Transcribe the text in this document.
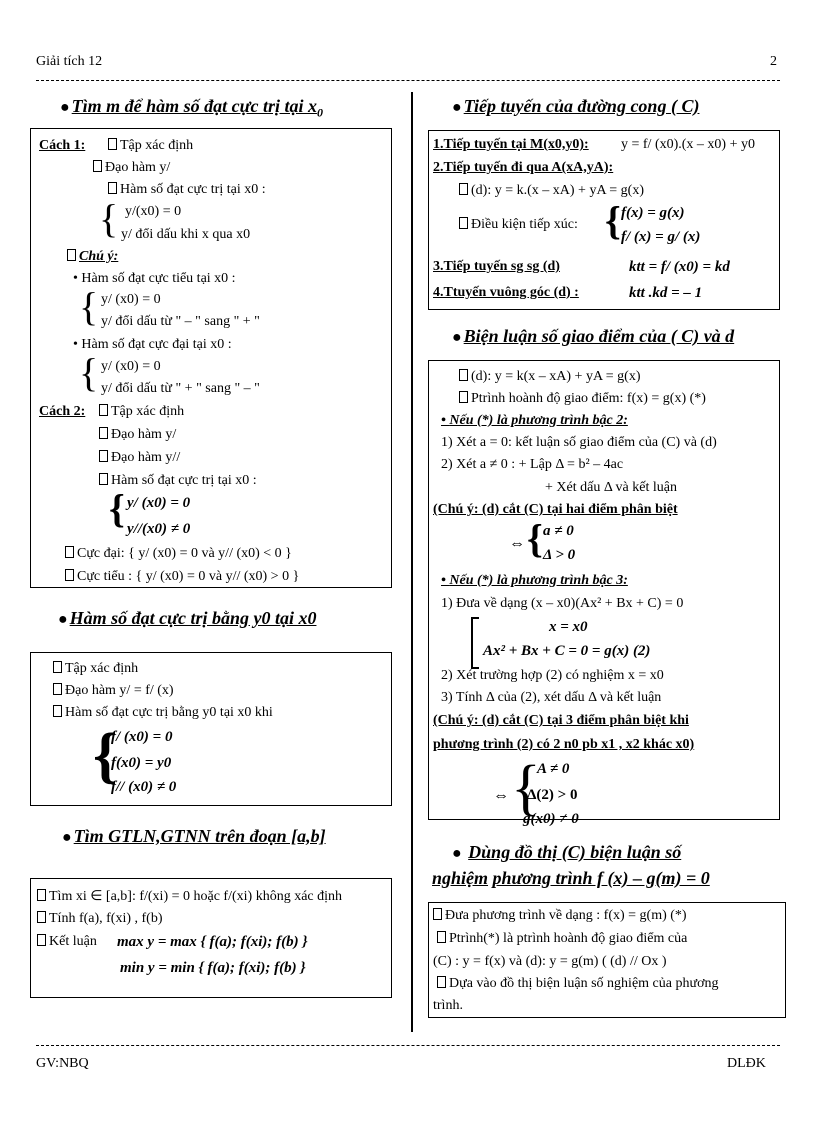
Giải tích 12	2
GV:NBQ	DLĐK
● Tìm m để hàm số đạt cực trị tại $x_0$
Cách 1:	Tập xác định
Đạo hàm y/
Hàm số đạt cực trị tại x0 :
{ y/(x0) = 0
y/ đổi dấu khi x qua x0
Chú ý:
• Hàm số đạt cực tiểu tại x0 :
{ y/ (x0) = 0
y/ đổi dấu từ " – " sang " + "
• Hàm số đạt cực đại tại x0 :
{ y/ (x0) = 0
y/ đổi dấu từ " + " sang " – "
Cách 2:	Tập xác định
Đạo hàm y/
Đạo hàm y//
Hàm số đạt cực trị tại x0 :
{ y/ (x0) = 0
y//(x0) ≠ 0
Cực đại: { y/ (x0) = 0 và y// (x0) < 0 }
Cực tiểu : { y/ (x0) = 0 và y// (x0) > 0 }
● Hàm số đạt cực trị bằng y0 tại x0
Tập xác định
Đạo hàm y/ = f/ (x)
Hàm số đạt cực trị bằng y0 tại x0 khi
{
f/ (x0) = 0
f(x0) = y0
f// (x0) ≠ 0
● Tìm GTLN,GTNN trên đoạn [a,b]
Tìm xi ∈ [a,b]: f/(xi) = 0 hoặc f/(xi) không xác định
Tính f(a), f(xi) , f(b)
Kết luận max y = max { f(a); f(xi); f(b) }
min y = min { f(a); f(xi); f(b) }
● Tiếp tuyến của đường cong ( C)
1.Tiếp tuyến tại M(x0,y0): y = f/ (x0).(x – x0) + y0
2.Tiếp tuyến đi qua A(xA,yA):
(d): y = k.(x – xA) + yA = g(x)
Điều kiện tiếp xúc: { f(x) = g(x)
f/ (x) = g/ (x)
3.Tiếp tuyến sg sg (d)	ktt = f/ (x0) = kd
4.Ttuyến vuông góc (d) :	ktt .kd = – 1
● Biện luận số giao điểm của ( C) và d
(d): y = k(x – xA) + yA = g(x)
Ptrình hoành độ giao điểm: f(x) = g(x) (*)
• Nếu (*) là phương trình bậc 2:
1) Xét a = 0: kết luận số giao điểm của (C) và (d)
2) Xét a ≠ 0 : + Lập Δ = b² – 4ac
+ Xét dấu Δ và kết luận
(Chú ý: (d) cắt (C) tại hai điểm phân biệt
⇔ { a ≠ 0
Δ > 0
• Nếu (*) là phương trình bậc 3:
1) Đưa về dạng (x – x0)(Ax² + Bx + C) = 0
x = x0
Ax² + Bx + C = 0 = g(x) (2)
2) Xét trường hợp (2) có nghiệm x = x0
3) Tính Δ của (2), xét dấu Δ và kết luận
(Chú ý: (d) cắt (C) tại 3 điểm phân biệt khi
phương trình (2) có 2 n0 pb x1 , x2 khác x0)
⇔ {
A ≠ 0
Δ(2) > 0
g(x0) ≠ 0
● Dùng đồ thị (C) biện luận số
nghiệm phương trình f (x) – g(m) = 0
Đưa phương trình về dạng : f(x) = g(m) (*)
Ptrình(*) là ptrình hoành độ giao điểm của
(C) : y = f(x) và (d): y = g(m) ( (d) // Ox )
Dựa vào đồ thị biện luận số nghiệm của phương
trình.
